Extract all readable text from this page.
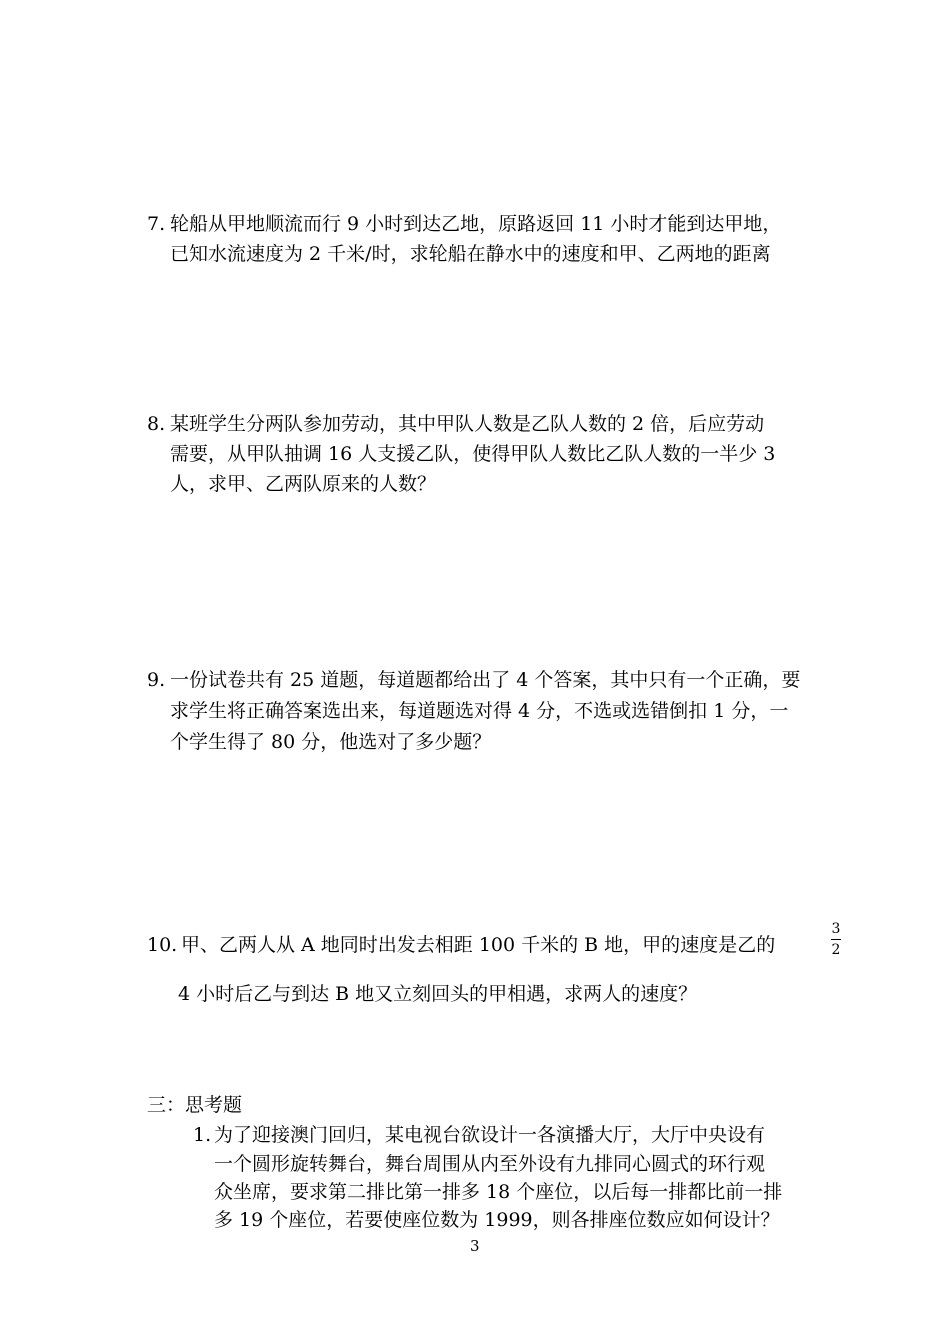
7. 轮船从甲地顺流而行 9 小时到达乙地，原路返回 11 小时才能到达甲地，
已知水流速度为 2 千米/时，求轮船在静水中的速度和甲、乙两地的距离
8. 某班学生分两队参加劳动，其中甲队人数是乙队人数的 2 倍，后应劳动
需要，从甲队抽调 16 人支援乙队，使得甲队人数比乙队人数的一半少 3
人，求甲、乙两队原来的人数？
9. 一份试卷共有 25 道题，每道题都给出了 4 个答案，其中只有一个正确，要
求学生将正确答案选出来，每道题选对得 4 分，不选或选错倒扣 1 分，一
个学生得了 80 分，他选对了多少题？
10. 甲、乙两人从 A 地同时出发去相距 100 千米的 B 地，甲的速度是乙的
3
2
4 小时后乙与到达 B 地又立刻回头的甲相遇，求两人的速度？
三：思考题
1. 为了迎接澳门回归，某电视台欲设计一各演播大厅，大厅中央设有
一个圆形旋转舞台，舞台周围从内至外设有九排同心圆式的环行观
众坐席，要求第二排比第一排多 18 个座位，以后每一排都比前一排
多 19 个座位，若要使座位数为 1999，则各排座位数应如何设计？
3
